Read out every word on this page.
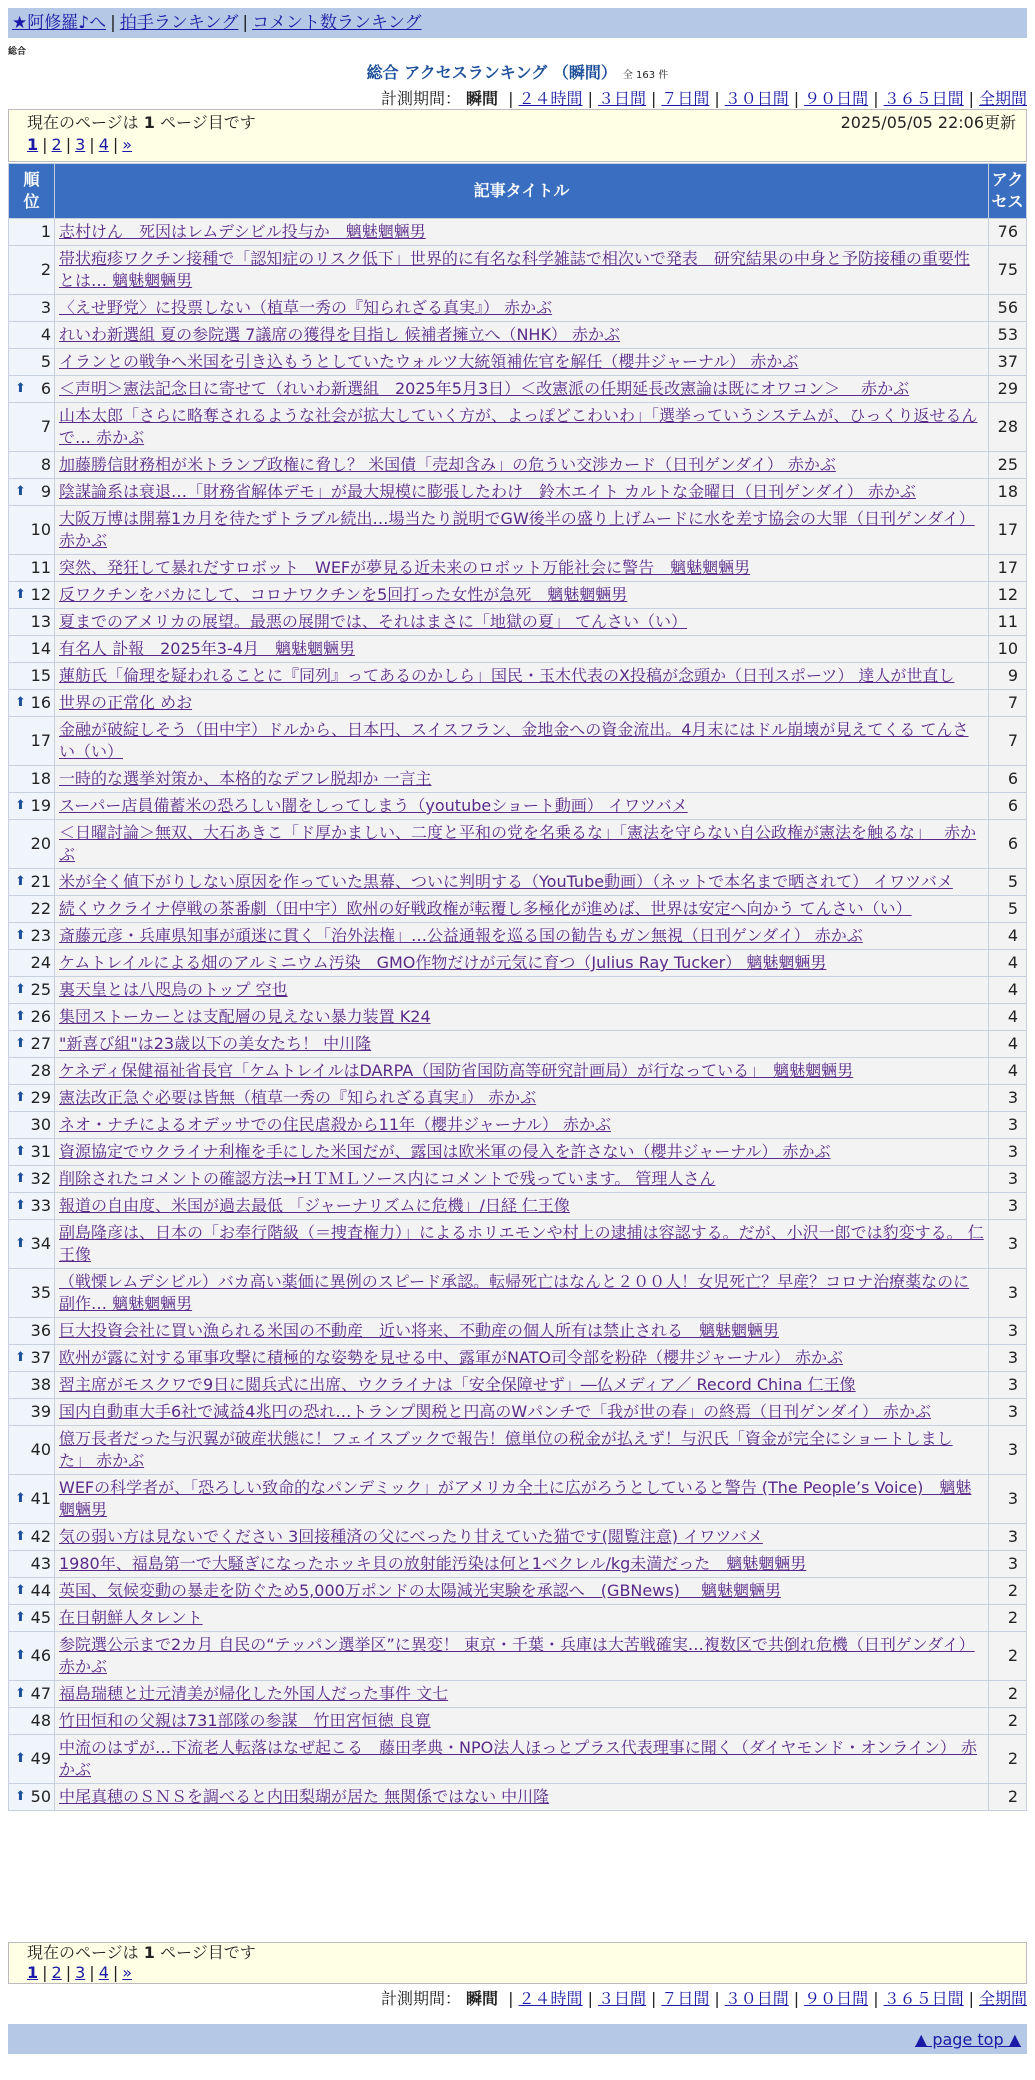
★阿修羅♪へ | 拍手ランキング | コメント数ランキング
総合
総合 アクセスランキング （瞬間） 全 163 件
計測期間： 瞬間 | ２４時間 | ３日間 | ７日間 | ３０日間 | ９０日間 | ３６５日間 | 全期間
現在のページは 1 ページ目です	2025/05/05 22:06更新
1 | 2 | 3 | 4 | »
順位	記事タイトル	アクセス

1	志村けん　死因はレムデシビル投与か　魑魅魍魎男	76
2	帯状疱疹ワクチン接種で「認知症のリスク低下」世界的に有名な科学雑誌で相次いで発表　研究結果の中身と予防接種の重要性とは… 魑魅魍魎男	75
3	〈えせ野党〉に投票しない（植草一秀の『知られざる真実』） 赤かぶ	56
4	れいわ新選組 夏の参院選 7議席の獲得を目指し 候補者擁立へ（NHK） 赤かぶ	53
5	イランとの戦争へ米国を引き込もうとしていたウォルツ大統領補佐官を解任（櫻井ジャーナル） 赤かぶ	37

⬆ 6	＜声明＞憲法記念日に寄せて（れいわ新選組　2025年5月3日）＜改憲派の任期延長改憲論は既にオワコン＞　 赤かぶ	29
7	山本太郎「さらに略奪されるような社会が拡大していく方が、よっぽどこわいわ」「選挙っていうシステムが、ひっくり返せるんで… 赤かぶ	28
8	加藤勝信財務相が米トランプ政権に脅し？ 米国債「売却含み」の危うい交渉カード（日刊ゲンダイ） 赤かぶ	25

⬆ 9	陰謀論系は衰退…「財務省解体デモ」が最大規模に膨張したわけ　鈴木エイト カルトな金曜日（日刊ゲンダイ） 赤かぶ	18
10	大阪万博は開幕1カ月を待たずトラブル続出…場当たり説明でGW後半の盛り上げムードに水を差す協会の大罪（日刊ゲンダイ） 赤かぶ	17
11	突然、発狂して暴れだすロボット　WEFが夢見る近未来のロボット万能社会に警告　魑魅魍魎男	17

⬆ 12	反ワクチンをバカにして、コロナワクチンを5回打った女性が急死　魑魅魍魎男	12
13	夏までのアメリカの展望。最悪の展開では、それはまさに「地獄の夏」 てんさい（い）	11
14	有名人 訃報　2025年3-4月　魑魅魍魎男	10
15	蓮舫氏「倫理を疑われることに『同列』ってあるのかしら」国民・玉木代表のX投稿が念頭か（日刊スポーツ） 達人が世直し	9

⬆ 16	世界の正常化 めお	7
17	金融が破綻しそう（田中宇）ドルから、日本円、スイスフラン、金地金への資金流出。4月末にはドル崩壊が見えてくる てんさい（い）	7
18	一時的な選挙対策か、本格的なデフレ脱却か 一言主	6

⬆ 19	スーパー店員備蓄米の恐ろしい闇をしってしまう（youtubeショート動画） イワツバメ	6
20	＜日曜討論＞無双、大石あきこ「ド厚かましい、二度と平和の党を名乗るな」「憲法を守らない自公政権が憲法を触るな」　 赤かぶ	6

⬆ 21	米が全く値下がりしない原因を作っていた黒幕、ついに判明する（YouTube動画）（ネットで本名まで晒されて） イワツバメ	5
22	続くウクライナ停戦の茶番劇（田中宇）欧州の好戦政権が転覆し多極化が進めば、世界は安定へ向かう てんさい（い）	5

⬆ 23	斎藤元彦・兵庫県知事が頑迷に貫く「治外法権」…公益通報を巡る国の勧告もガン無視（日刊ゲンダイ） 赤かぶ	4
24	ケムトレイルによる畑のアルミニウム汚染　GMO作物だけが元気に育つ（Julius Ray Tucker） 魑魅魍魎男	4

⬆ 25	裏天皇とは八咫烏のトップ 空也	4

⬆ 26	集団ストーカーとは支配層の見えない暴力装置 K24	4

⬆ 27	"新喜び組"は23歳以下の美女たち！ 中川隆	4
28	ケネディ保健福祉省長官「ケムトレイルはDARPA（国防省国防高等研究計画局）が行なっている」　魑魅魍魎男	4

⬆ 29	憲法改正急ぐ必要は皆無（植草一秀の『知られざる真実』） 赤かぶ	3
30	ネオ・ナチによるオデッサでの住民虐殺から11年（櫻井ジャーナル） 赤かぶ	3

⬆ 31	資源協定でウクライナ利権を手にした米国だが、露国は欧米軍の侵入を許さない（櫻井ジャーナル） 赤かぶ	3

⬆ 32	削除されたコメントの確認方法→ＨＴＭＬソース内にコメントで残っています。 管理人さん	3

⬆ 33	報道の自由度、米国が過去最低 「ジャーナリズムに危機」/日経 仁王像	3

⬆ 34	副島隆彦は、日本の「お奉行階級（＝捜査権力）」によるホリエモンや村上の逮捕は容認する。だが、小沢一郎では豹変する。 仁王像	3
35	（戦慄レムデシビル）バカ高い薬価に異例のスピード承認。転帰死亡はなんと２００人！女児死亡？早産？コロナ治療薬なのに副作… 魑魅魍魎男	3
36	巨大投資会社に買い漁られる米国の不動産　近い将来、不動産の個人所有は禁止される　魑魅魍魎男	3

⬆ 37	欧州が露に対する軍事攻撃に積極的な姿勢を見せる中、露軍がNATO司令部を粉砕（櫻井ジャーナル） 赤かぶ	3
38	習主席がモスクワで9日に閲兵式に出席、ウクライナは「安全保障せず」―仏メディア／ Record China 仁王像	3
39	国内自動車大手6社で減益4兆円の恐れ…トランプ関税と円高のWパンチで「我が世の春」の終焉（日刊ゲンダイ） 赤かぶ	3
40	億万長者だった与沢翼が破産状態に！フェイスブックで報告！億単位の税金が払えず！与沢氏「資金が完全にショートしました」 赤かぶ	3

⬆ 41	WEFの科学者が、「恐ろしい致命的なパンデミック」がアメリカ全土に広がろうとしていると警告 (The People’s Voice)　魑魅魍魎男	3

⬆ 42	気の弱い方は見ないでください 3回接種済の父にべったり甘えていた猫です(閲覧注意) イワツバメ	3
43	1980年、福島第一で大騒ぎになったホッキ貝の放射能汚染は何と1ベクレル/kg未満だった　魑魅魍魎男	3

⬆ 44	英国、気候変動の暴走を防ぐため5,000万ポンドの太陽減光実験を承認へ　(GBNews)　 魑魅魍魎男	2

⬆ 45	在日朝鮮人タレント	2

⬆ 46	参院選公示まで2カ月 自民の“テッパン選挙区”に異変！ 東京・千葉・兵庫は大苦戦確実…複数区で共倒れ危機（日刊ゲンダイ） 赤かぶ	2

⬆ 47	福島瑞穂と辻元清美が帰化した外国人だった事件 文七	2
48	竹田恒和の父親は731部隊の参謀　竹田宮恒徳 良寛	2

⬆ 49	中流のはずが…下流老人転落はなぜ起こる　藤田孝典・NPO法人ほっとプラス代表理事に聞く（ダイヤモンド・オンライン） 赤かぶ	2

⬆ 50	中尾真穂のＳＮＳを調べると内田梨瑚が居た 無関係ではない 中川隆	2
現在のページは 1 ページ目です
1 | 2 | 3 | 4 | »
計測期間： 瞬間 | ２４時間 | ３日間 | ７日間 | ３０日間 | ９０日間 | ３６５日間 | 全期間
▲ page top ▲
